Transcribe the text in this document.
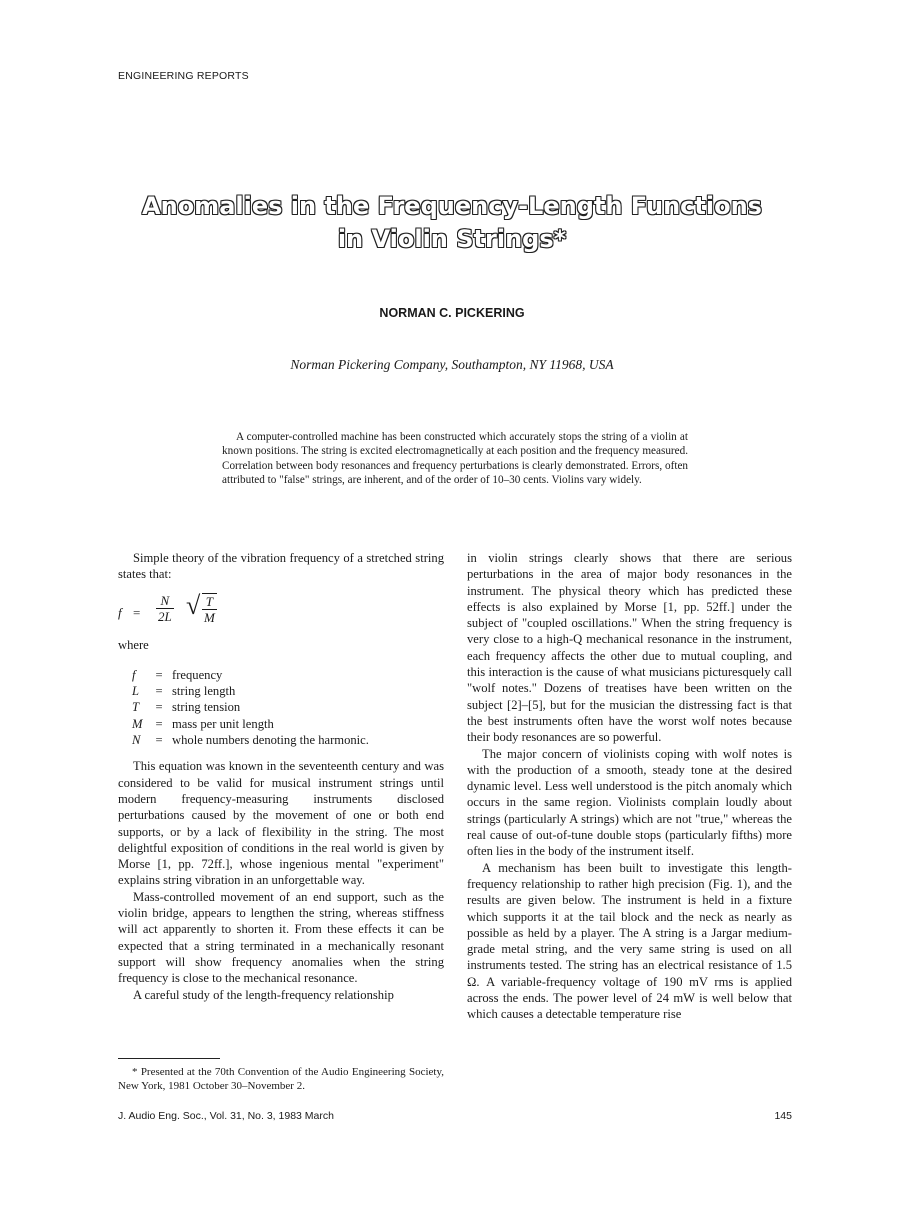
ENGINEERING REPORTS
Anomalies in the Frequency-Length Functions
in Violin Strings*
NORMAN C. PICKERING
Norman Pickering Company, Southampton, NY 11968, USA
A computer-controlled machine has been constructed which accurately stops the string of a violin at known positions. The string is excited electromagnetically at each position and the frequency measured. Correlation between body resonances and frequency perturbations is clearly demonstrated. Errors, often attributed to "false" strings, are inherent, and of the order of 10–30 cents. Violins vary widely.

Simple theory of the vibration frequency of a stretched string states that:

$f = \frac{N}{2L}$ √ $\frac{T}{M}$

where

f	= frequency
L	= string length
T	= string tension
M	= mass per unit length
N	= whole numbers denoting the harmonic.

This equation was known in the seventeenth century and was considered to be valid for musical instrument strings until modern frequency-measuring instruments disclosed perturbations caused by the movement of one or both end supports, or by a lack of flexibility in the string. The most delightful exposition of conditions in the real world is given by Morse [1, pp. 72ff.], whose ingenious mental "experiment" explains string vibration in an unforgettable way.

Mass-controlled movement of an end support, such as the violin bridge, appears to lengthen the string, whereas stiffness will act apparently to shorten it. From these effects it can be expected that a string terminated in a mechanically resonant support will show frequency anomalies when the string frequency is close to the mechanical resonance.

A careful study of the length-frequency relationship

in violin strings clearly shows that there are serious perturbations in the area of major body resonances in the instrument. The physical theory which has predicted these effects is also explained by Morse [1, pp. 52ff.] under the subject of "coupled oscillations." When the string frequency is very close to a high-Q mechanical resonance in the instrument, each frequency affects the other due to mutual coupling, and this interaction is the cause of what musicians picturesquely call "wolf notes." Dozens of treatises have been written on the subject [2]–[5], but for the musician the distressing fact is that the best instruments often have the worst wolf notes because their body resonances are so powerful.

The major concern of violinists coping with wolf notes is with the production of a smooth, steady tone at the desired dynamic level. Less well understood is the pitch anomaly which occurs in the same region. Violinists complain loudly about strings (particularly A strings) which are not "true," whereas the real cause of out-of-tune double stops (particularly fifths) more often lies in the body of the instrument itself.

A mechanism has been built to investigate this length-frequency relationship to rather high precision (Fig. 1), and the results are given below. The instrument is held in a fixture which supports it at the tail block and the neck as nearly as possible as held by a player. The A string is a Jargar medium-grade metal string, and the very same string is used on all instruments tested. The string has an electrical resistance of 1.5 Ω. A variable-frequency voltage of 190 mV rms is applied across the ends. The power level of 24 mW is well below that which causes a detectable temperature rise

* Presented at the 70th Convention of the Audio Engineering Society, New York, 1981 October 30–November 2.
J. Audio Eng. Soc., Vol. 31, No. 3, 1983 March	145
